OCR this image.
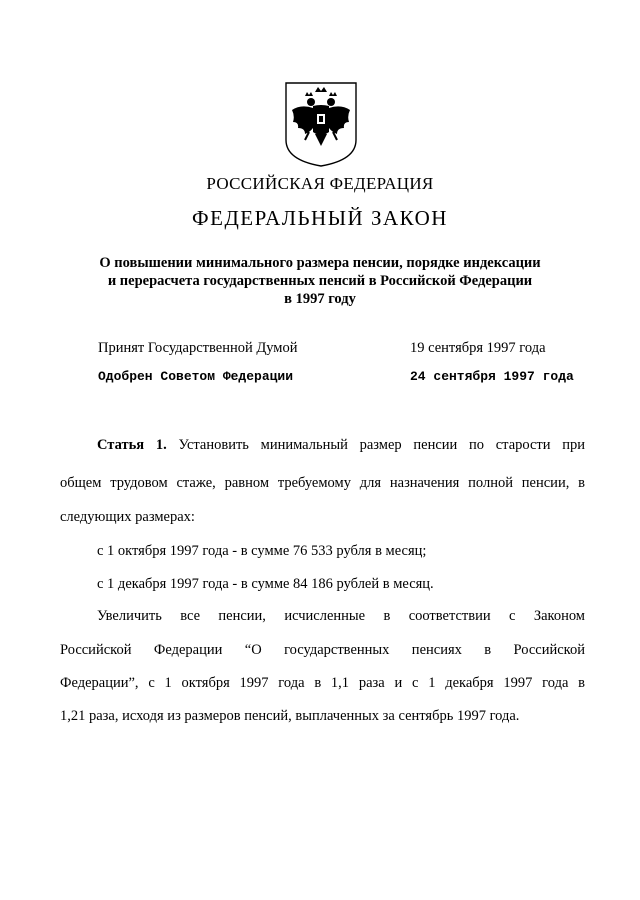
РОССИЙСКАЯ ФЕДЕРАЦИЯ
ФЕДЕРАЛЬНЫЙ ЗАКОН
О повышении минимального размера пенсии, порядке индексации
и перерасчета государственных пенсий в Российской Федерации
в 1997 году
Принят Государственной Думой	19 сентября 1997 года
Одобрен Советом Федерации	24 сентября 1997 года
Статья 1. Установить минимальный размер пенсии по старости при
общем трудовом стаже, равном требуемому для назначения полной пенсии, в
следующих размерах:
с 1 октября 1997 года - в сумме 76 533 рубля в месяц;
с 1 декабря 1997 года - в сумме 84 186 рублей в месяц.
Увеличить все пенсии, исчисленные в соответствии с Законом
Российской Федерации “О государственных пенсиях в Российской
Федерации”, с 1 октября 1997 года в 1,1 раза и с 1 декабря 1997 года в
1,21 раза, исходя из размеров пенсий, выплаченных за сентябрь 1997 года.
